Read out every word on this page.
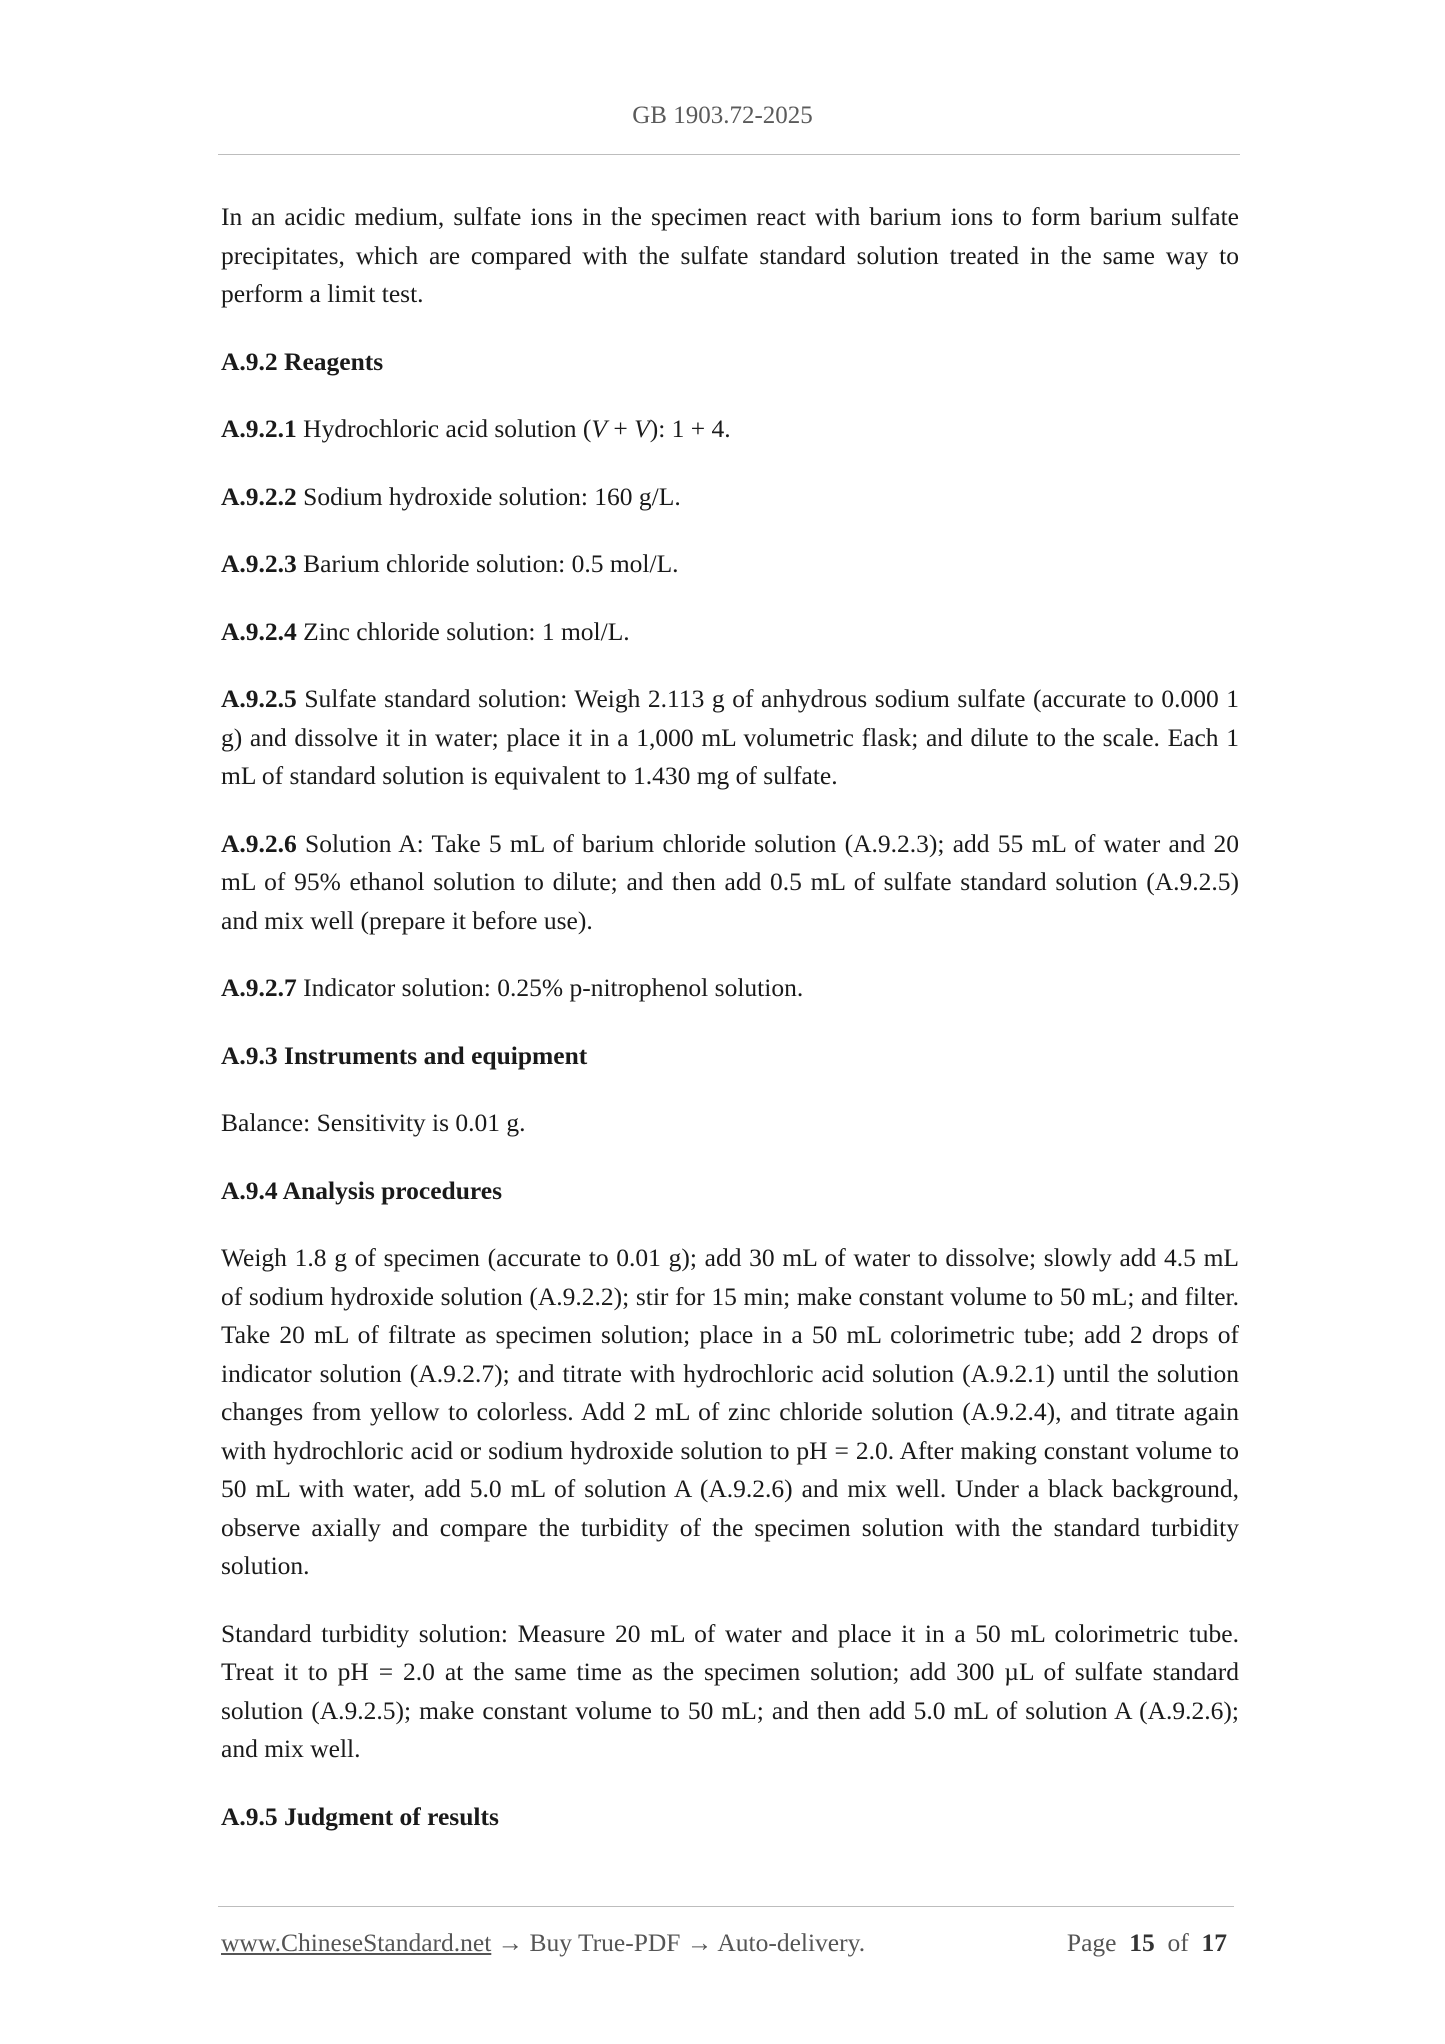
GB 1903.72-2025

In an acidic medium, sulfate ions in the specimen react with barium ions to form barium sulfate precipitates, which are compared with the sulfate standard solution treated in the same way to perform a limit test.

A.9.2 Reagents

A.9.2.1 Hydrochloric acid solution (V + V): 1 + 4.

A.9.2.2 Sodium hydroxide solution: 160 g/L.

A.9.2.3 Barium chloride solution: 0.5 mol/L.

A.9.2.4 Zinc chloride solution: 1 mol/L.

A.9.2.5 Sulfate standard solution: Weigh 2.113 g of anhydrous sodium sulfate (accurate to 0.000 1 g) and dissolve it in water; place it in a 1,000 mL volumetric flask; and dilute to the scale. Each 1 mL of standard solution is equivalent to 1.430 mg of sulfate.

A.9.2.6 Solution A: Take 5 mL of barium chloride solution (A.9.2.3); add 55 mL of water and 20 mL of 95% ethanol solution to dilute; and then add 0.5 mL of sulfate standard solution (A.9.2.5) and mix well (prepare it before use).

A.9.2.7 Indicator solution: 0.25% p-nitrophenol solution.

A.9.3 Instruments and equipment

Balance: Sensitivity is 0.01 g.

A.9.4 Analysis procedures

Weigh 1.8 g of specimen (accurate to 0.01 g); add 30 mL of water to dissolve; slowly add 4.5 mL of sodium hydroxide solution (A.9.2.2); stir for 15 min; make constant volume to 50 mL; and filter. Take 20 mL of filtrate as specimen solution; place in a 50 mL colorimetric tube; add 2 drops of indicator solution (A.9.2.7); and titrate with hydrochloric acid solution (A.9.2.1) until the solution changes from yellow to colorless. Add 2 mL of zinc chloride solution (A.9.2.4), and titrate again with hydrochloric acid or sodium hydroxide solution to pH = 2.0. After making constant volume to 50 mL with water, add 5.0 mL of solution A (A.9.2.6) and mix well. Under a black background, observe axially and compare the turbidity of the specimen solution with the standard turbidity solution.

Standard turbidity solution: Measure 20 mL of water and place it in a 50 mL colorimetric tube. Treat it to pH = 2.0 at the same time as the specimen solution; add 300 µL of sulfate standard solution (A.9.2.5); make constant volume to 50 mL; and then add 5.0 mL of solution A (A.9.2.6); and mix well.

A.9.5 Judgment of results
www.ChineseStandard.net → Buy True-PDF → Auto-delivery.	Page 15 of 17
